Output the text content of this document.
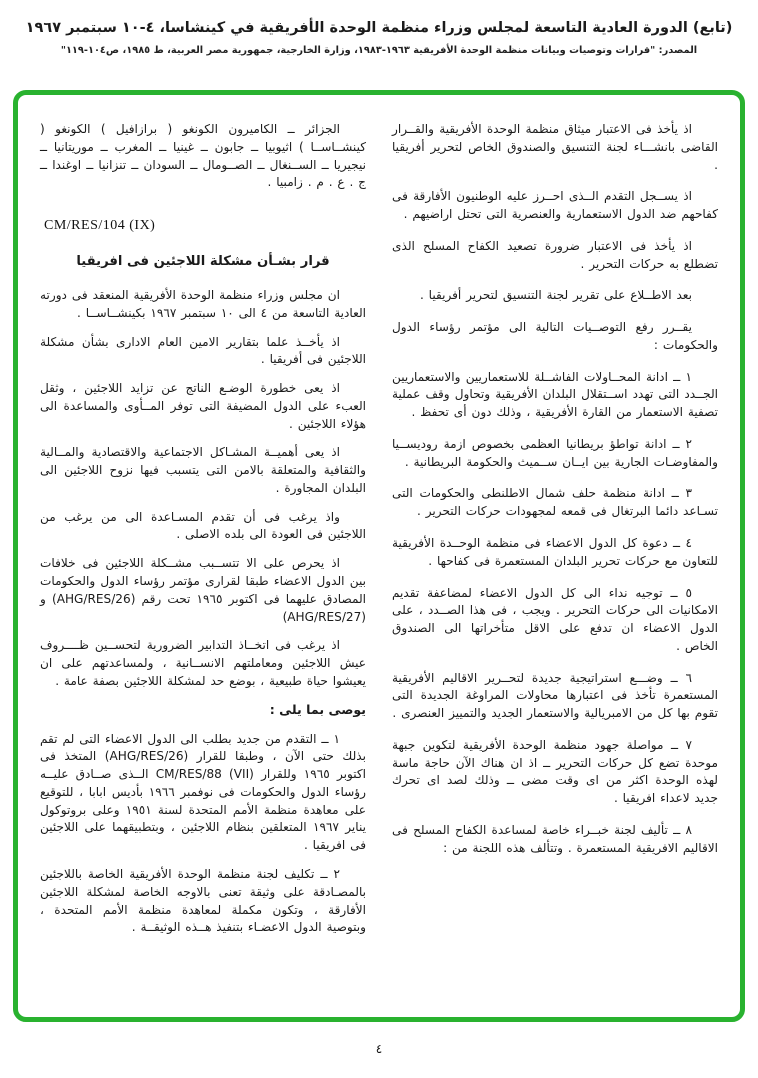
(تابع) الدورة العادية التاسعة لمجلس وزراء منظمة الوحدة الأفريقية في كينشاسا، ٤-١٠ سبتمبر ١٩٦٧
المصدر: "قرارات وتوصيات وبيانات منظمة الوحدة الأفريقية ١٩٦٣-١٩٨٣، وزارة الخارجية، جمهورية مصر العربية، ط ١٩٨٥، ص١٠٤-١١٩"

اذ يأخذ فى الاعتبار ميثاق منظمة الوحدة الأفريقية والقــرار القاضى بانشـــاء لجنة التنسيق والصندوق الخاص لتحرير أفريقيا .

اذ يســجل التقدم الــذى احــرز عليه الوطنيون الأفارقة فى كفاحهم ضد الدول الاستعمارية والعنصرية التى تحتل اراضيهم .

اذ يأخذ فى الاعتبار ضرورة تصعيد الكفاح المسلح الذى تضطلع به حركات التحرير .

بعد الاطــلاع على تقرير لجنة التنسيق لتحرير أفريقيا .

يقــرر رفع التوصــيات التالية الى مؤتمر رؤساء الدول والحكومات :

١ ــ ادانة المحــاولات الفاشــلة للاستعماريين والاستعماريين الجــدد التى تهدد اســتقلال البلدان الأفريقية وتحاول وقف عملية تصفية الاستعمار من القارة الأفريقية ، وذلك دون أى تحفظ .

٢ ــ ادانة تواطؤ بريطانيا العظمى بخصوص ازمة روديســيا والمفاوضـات الجارية بين ايــان ســميث والحكومة البريطانية .

٣ ــ ادانة منظمة حلف شمال الاطلنطى والحكومات التى تسـاعد دائما البرتغال فى قمعه لمجهودات حركات التحرير .

٤ ــ دعوة كل الدول الاعضاء فى منظمة الوحــدة الأفريقية للتعاون مع حركات تحرير البلدان المستعمرة فى كفاحها .

٥ ــ توجيه نداء الى كل الدول الاعضاء لمضاعفة تقديم الامكانيات الى حركات التحرير . ويجب ، فى هذا الصــدد ، على الدول الاعضاء ان تدفع على الاقل متأخراتها الى الصندوق الخاص .

٦ ــ وضـــع استراتيجية جديدة لتحــرير الاقاليم الأفريقية المستعمرة تأخذ فى اعتبارها محاولات المراوغة الجديدة التى تقوم بها كل من الامبريالية والاستعمار الجديد والتمييز العنصرى .

٧ ــ مواصلة جهود منظمة الوحدة الأفريقية لتكوين جبهة موحدة تضع كل حركات التحرير ــ اذ ان هناك الآن حاجة ماسة لهذه الوحدة اكثر من اى وقت مضى ــ وذلك لصد اى تحرك جديد لاعداء افريقيا .

٨ ــ تأليف لجنة خبــراء خاصة لمساعدة الكفاح المسلح فى الاقاليم الافريقية المستعمرة . وتتألف هذه اللجنة من :

الجزائر ــ الكاميرون الكونغو ( برازافيل ) الكونغو ( كينشــاســا ) اثيوبيا ــ جابون ــ غينيا ــ المغرب ــ موريتانيا ــ نيجيريا ــ الســنغال ــ الصــومال ــ السودان ــ تنزانيا ــ اوغندا ــ ج . ع . م . زامبيا .

CM/RES/104 (IX)
قرار بشـأن مشكلة اللاجئين فى افريقيا

ان مجلس وزراء منظمة الوحدة الأفريقية المنعقد فى دورته العادية التاسعة من ٤ الى ١٠ سبتمبر ١٩٦٧ بكينشــاســا .

اذ يأخــذ علما بتقارير الامين العام الادارى بشأن مشكلة اللاجئين فى أفريقيا .

اذ يعى خطورة الوضـع الناتج عن تزايد اللاجئين ، وثقل العبء على الدول المضيفة التى توفر المــأوى والمساعدة الى هؤلاء اللاجئين .

اذ يعى أهميــة المشـاكل الاجتماعية والاقتصادية والمــالية والثقافية والمتعلقة بالامن التى يتسبب فيها نزوح اللاجئين الى البلدان المجاورة .

واذ يرغب فى أن تقدم المسـاعدة الى من يرغب من اللاجئين فى العودة الى بلده الاصلى .

اذ يحرص على الا تتســبب مشــكلة اللاجئين فى خلافات بين الدول الاعضاء طبقا لقرارى مؤتمر رؤساء الدول والحكومات المصادق عليهما فى اكتوبر ١٩٦٥ تحت رقم (AHG/RES/26) و (AHG/RES/27)

اذ يرغب فى اتخــاذ التدابير الضرورية لتحســين ظــــروف عيش اللاجئين ومعاملتهم الانســانية ، ولمساعدتهم على ان يعيشوا حياة طبيعية ، بوضع حد لمشكلة اللاجئين بصفة عامة .

يوصى بما يلى :

١ ــ التقدم من جديد بطلب الى الدول الاعضاء التى لم تقم بذلك حتى الآن ، وطبقا للقرار (AHG/RES/26) المتخذ فى اكتوبر ١٩٦٥ وللقرار CM/RES/88 (VII) الــذى صــادق عليــه رؤساء الدول والحكومات فى نوفمبر ١٩٦٦ بأديس ابابا ، للتوقيع على معاهدة منظمة الأمم المتحدة لسنة ١٩٥١ وعلى بروتوكول يناير ١٩٦٧ المتعلقين بنظام اللاجئين ، وبتطبيقهما على اللاجئين فى افريقيا .

٢ ــ تكليف لجنة منظمة الوحدة الأفريقية الخاصة باللاجئين بالمصـادقة على وثيقة تعنى بالاوجه الخاصة لمشكلة اللاجئين الأفارقة ، وتكون مكملة لمعاهدة منظمة الأمم المتحدة ، وبتوصية الدول الاعضـاء بتنفيذ هــذه الوثيقــة .

٤
